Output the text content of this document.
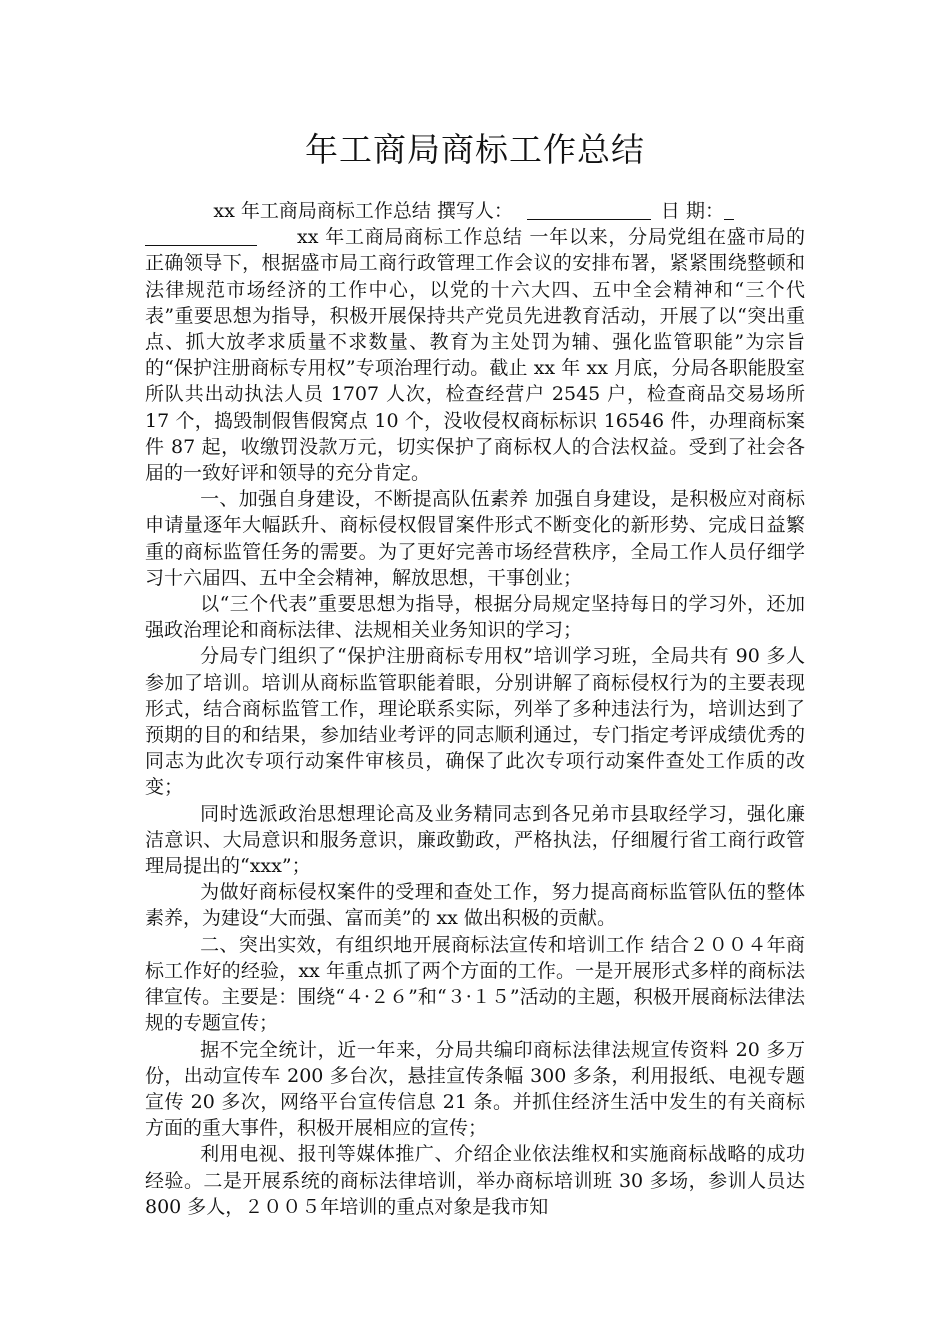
年工商局商标工作总结

xx 年工商局商标工作总结 撰写人：	日 期：
xx 年工商局商标工作总结 一年以来，分局党组在盛市局的正确领导下，根据盛市局工商行政管理工作会议的安排布署，紧紧围绕整顿和法律规范市场经济的工作中心，以党的十六大四、五中全会精神和“三个代表”重要思想为指导，积极开展保持共产党员先进教育活动，开展了以“突出重点、抓大放孝求质量不求数量、教育为主处罚为辅、强化监管职能”为宗旨的“保护注册商标专用权”专项治理行动。截止 xx 年 xx 月底，分局各职能股室所队共出动执法人员 1707 人次，检查经营户 2545 户，检查商品交易场所 17 个，捣毁制假售假窝点 10 个，没收侵权商标标识 16546 件，办理商标案件 87 起，收缴罚没款万元，切实保护了商标权人的合法权益。受到了社会各届的一致好评和领导的充分肯定。

一、加强自身建设，不断提高队伍素养 加强自身建设，是积极应对商标申请量逐年大幅跃升、商标侵权假冒案件形式不断变化的新形势、完成日益繁重的商标监管任务的需要。为了更好完善市场经营秩序，全局工作人员仔细学习十六届四、五中全会精神，解放思想，干事创业；

以“三个代表”重要思想为指导，根据分局规定坚持每日的学习外，还加强政治理论和商标法律、法规相关业务知识的学习；

分局专门组织了“保护注册商标专用权”培训学习班，全局共有 90 多人参加了培训。培训从商标监管职能着眼，分别讲解了商标侵权行为的主要表现形式，结合商标监管工作，理论联系实际，列举了多种违法行为，培训达到了预期的目的和结果，参加结业考评的同志顺利通过，专门指定考评成绩优秀的同志为此次专项行动案件审核员，确保了此次专项行动案件查处工作质的改变；

同时选派政治思想理论高及业务精同志到各兄弟市县取经学习，强化廉洁意识、大局意识和服务意识，廉政勤政，严格执法，仔细履行省工商行政管理局提出的“xxx”；

为做好商标侵权案件的受理和查处工作，努力提高商标监管队伍的整体素养，为建设“大而强、富而美”的 xx 做出积极的贡献。

二、突出实效，有组织地开展商标法宣传和培训工作 结合２００４年商标工作好的经验，xx 年重点抓了两个方面的工作。一是开展形式多样的商标法律宣传。主要是：围绕“４·２６”和“３·１５”活动的主题，积极开展商标法律法规的专题宣传；

据不完全统计，近一年来，分局共编印商标法律法规宣传资料 20 多万份，出动宣传车 200 多台次，悬挂宣传条幅 300 多条，利用报纸、电视专题宣传 20 多次，网络平台宣传信息 21 条。并抓住经济生活中发生的有关商标方面的重大事件，积极开展相应的宣传；

利用电视、报刊等媒体推广、介绍企业依法维权和实施商标战略的成功经验。二是开展系统的商标法律培训，举办商标培训班 30 多场，参训人员达 800 多人，２００５年培训的重点对象是我市知
